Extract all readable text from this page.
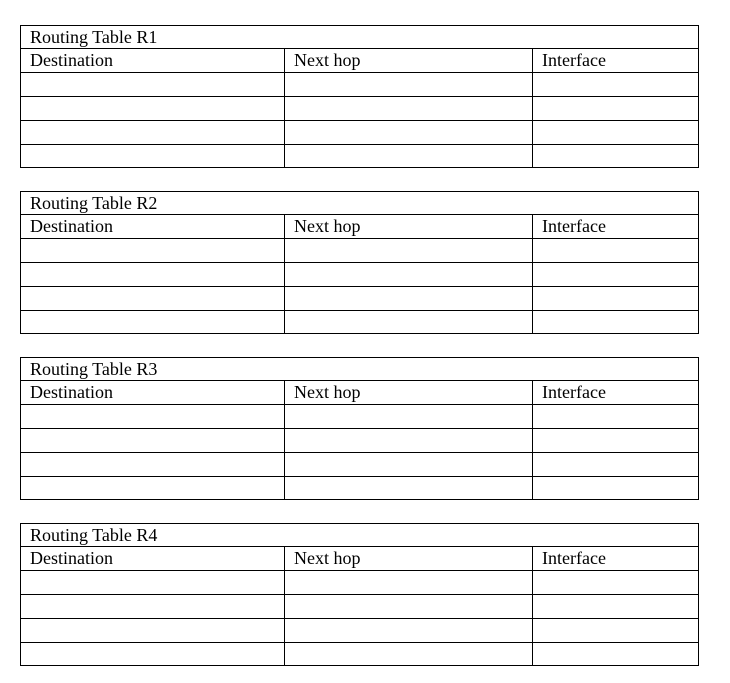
Routing Table R1
Destination	Next hop	Interface
Routing Table R2
Destination	Next hop	Interface
Routing Table R3
Destination	Next hop	Interface
Routing Table R4
Destination	Next hop	Interface
